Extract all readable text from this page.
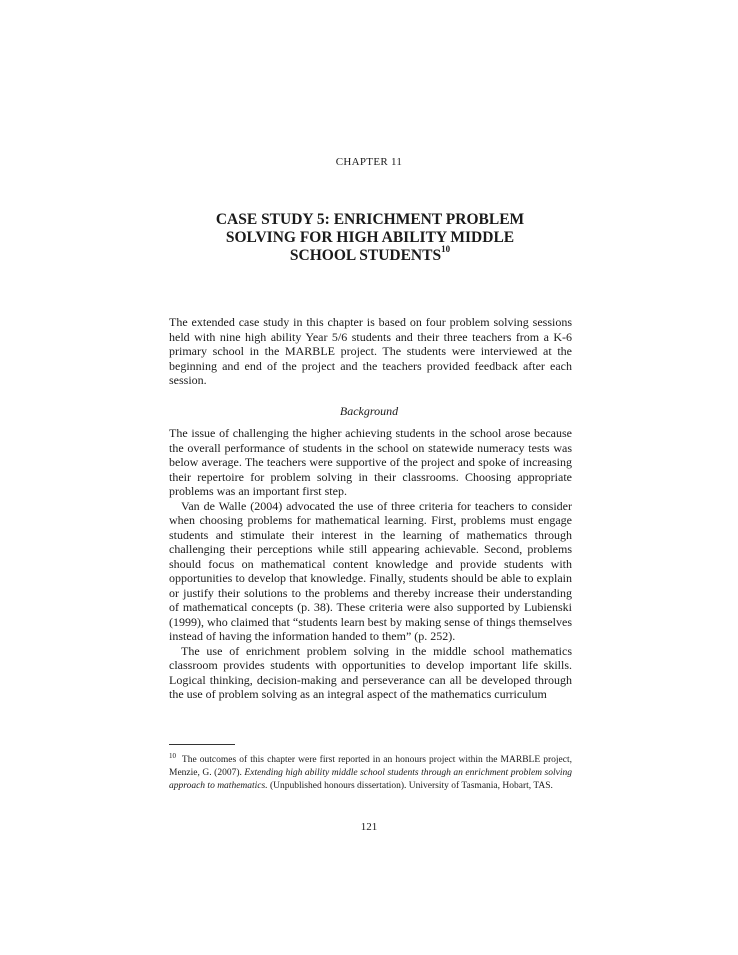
CHAPTER 11
CASE STUDY 5: ENRICHMENT PROBLEM
SOLVING FOR HIGH ABILITY MIDDLE
SCHOOL STUDENTS$^{10}$

The extended case study in this chapter is based on four problem solving sessions held with nine high ability Year 5/6 students and their three teachers from a K-6 primary school in the MARBLE project. The students were interviewed at the beginning and end of the project and the teachers provided feedback after each session.

Background

The issue of challenging the higher achieving students in the school arose because the overall performance of students in the school on statewide numeracy tests was below average. The teachers were supportive of the project and spoke of increasing their repertoire for problem solving in their classrooms. Choosing appropriate problems was an important first step.

Van de Walle (2004) advocated the use of three criteria for teachers to consider when choosing problems for mathematical learning. First, problems must engage students and stimulate their interest in the learning of mathematics through challenging their perceptions while still appearing achievable. Second, problems should focus on mathematical content knowledge and provide students with opportunities to develop that knowledge. Finally, students should be able to explain or justify their solutions to the problems and thereby increase their understanding of mathematical concepts (p. 38). These criteria were also supported by Lubienski (1999), who claimed that “students learn best by making sense of things themselves instead of having the information handed to them” (p. 252).

The use of enrichment problem solving in the middle school mathematics classroom provides students with opportunities to develop important life skills. Logical thinking, decision-making and perseverance can all be developed through the use of problem solving as an integral aspect of the mathematics curriculum

$^{10}$ The outcomes of this chapter were first reported in an honours project within the MARBLE project, Menzie, G. (2007). Extending high ability middle school students through an enrichment problem solving approach to mathematics. (Unpublished honours dissertation). University of Tasmania, Hobart, TAS.
121
